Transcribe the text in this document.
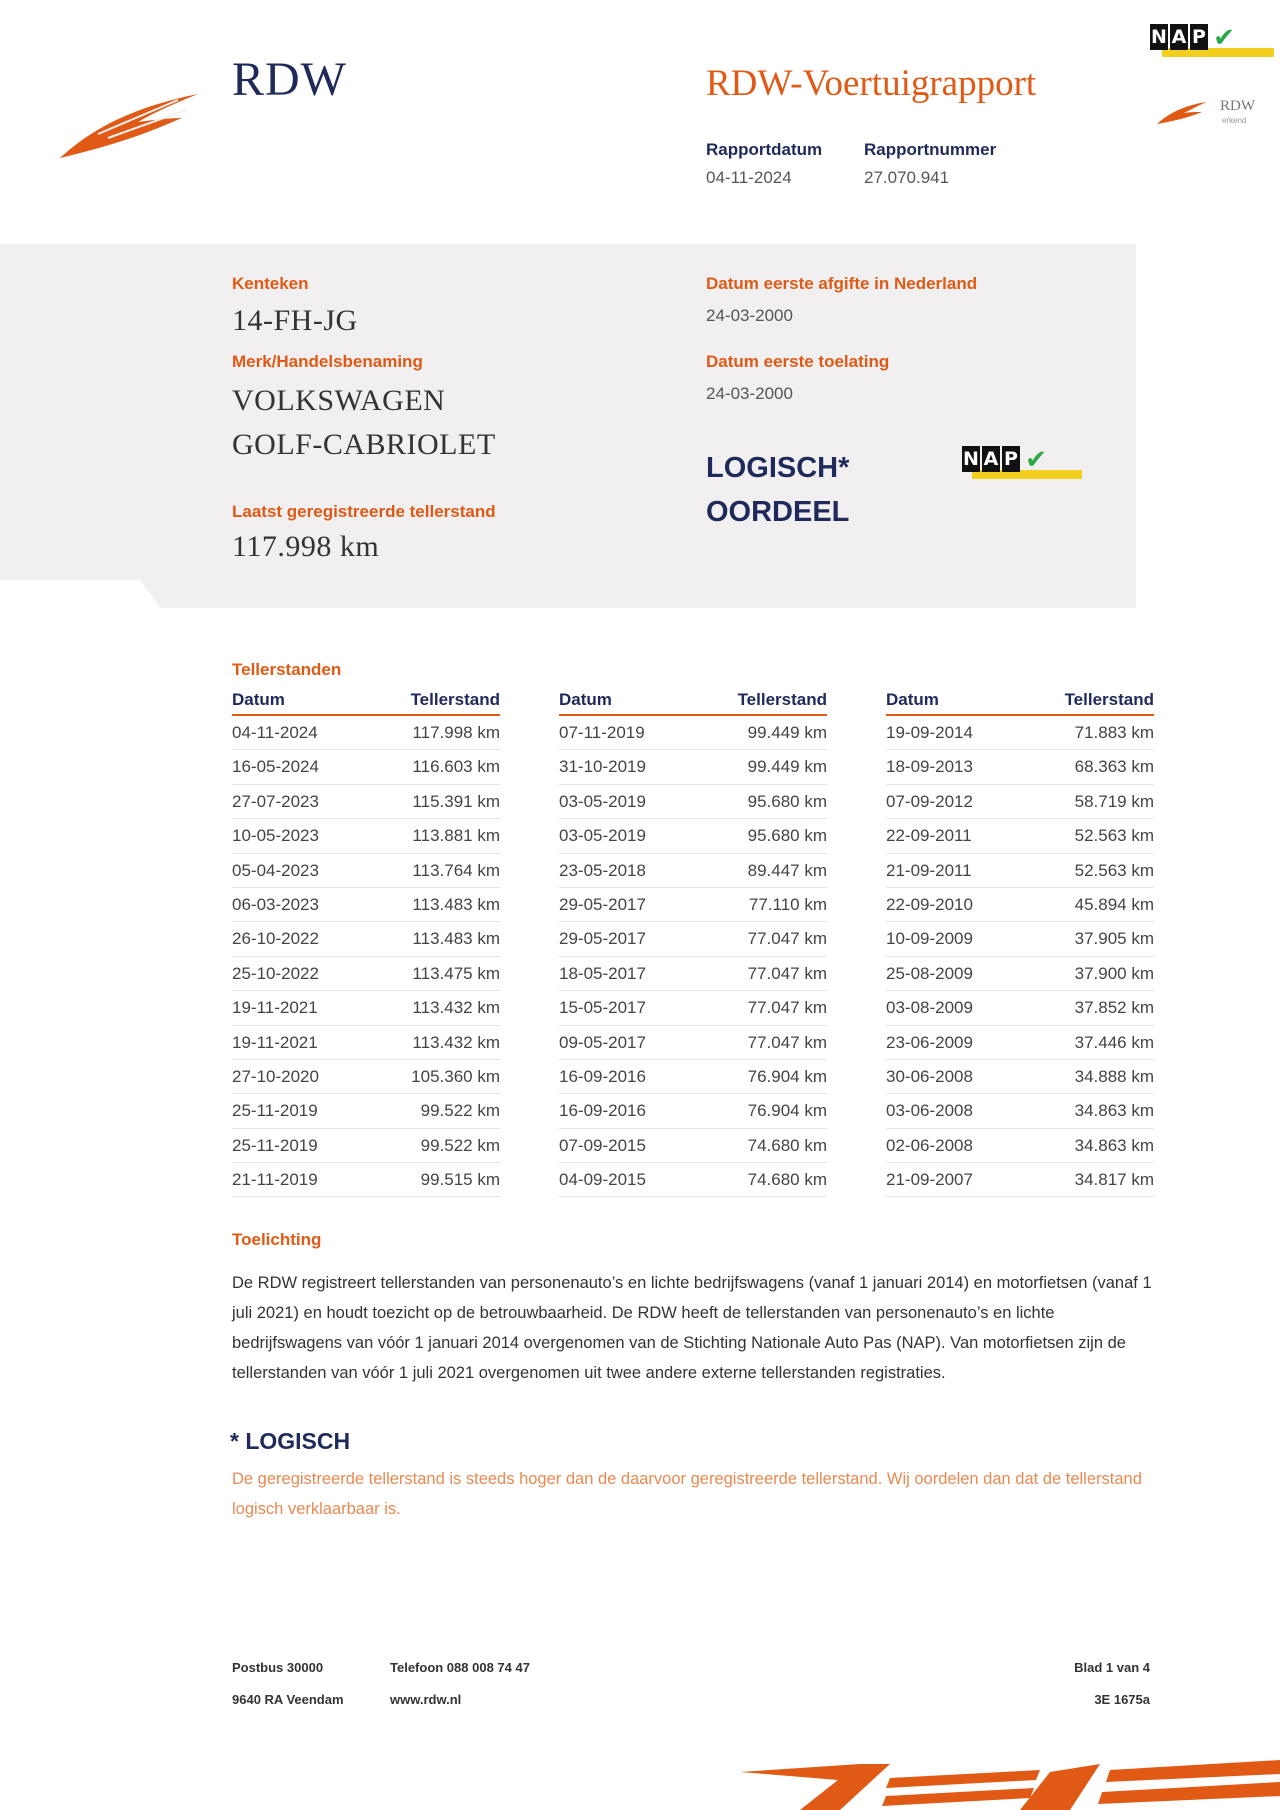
RDW	RDW-Voertuigrapport
Rapportdatum
04-11-2024
Rapportnummer
27.070.941
N A P ✔
RDW
erkend
Kenteken
14-FH-JG
Merk/Handelsbenaming
VOLKSWAGEN
GOLF-CABRIOLET
Laatst geregistreerde tellerstand
117.998 km
Datum eerste afgifte in Nederland
24-03-2000
Datum eerste toelating
24-03-2000
LOGISCH*
OORDEEL
N A P ✔
Tellerstanden
Datum	Tellerstand
04-11-2024	117.998 km
16-05-2024	116.603 km
27-07-2023	115.391 km
10-05-2023	113.881 km
05-04-2023	113.764 km
06-03-2023	113.483 km
26-10-2022	113.483 km
25-10-2022	113.475 km
19-11-2021	113.432 km
19-11-2021	113.432 km
27-10-2020	105.360 km
25-11-2019	99.522 km
25-11-2019	99.522 km
21-11-2019	99.515 km
Datum	Tellerstand
07-11-2019	99.449 km
31-10-2019	99.449 km
03-05-2019	95.680 km
03-05-2019	95.680 km
23-05-2018	89.447 km
29-05-2017	77.110 km
29-05-2017	77.047 km
18-05-2017	77.047 km
15-05-2017	77.047 km
09-05-2017	77.047 km
16-09-2016	76.904 km
16-09-2016	76.904 km
07-09-2015	74.680 km
04-09-2015	74.680 km
Datum	Tellerstand
19-09-2014	71.883 km
18-09-2013	68.363 km
07-09-2012	58.719 km
22-09-2011	52.563 km
21-09-2011	52.563 km
22-09-2010	45.894 km
10-09-2009	37.905 km
25-08-2009	37.900 km
03-08-2009	37.852 km
23-06-2009	37.446 km
30-06-2008	34.888 km
03-06-2008	34.863 km
02-06-2008	34.863 km
21-09-2007	34.817 km
Toelichting
De RDW registreert tellerstanden van personenauto’s en lichte bedrijfswagens (vanaf 1 januari 2014) en motorfietsen (vanaf 1 juli 2021) en houdt toezicht op de betrouwbaarheid. De RDW heeft de tellerstanden van personenauto’s en lichte bedrijfswagens van vóór 1 januari 2014 overgenomen van de Stichting Nationale Auto Pas (NAP). Van motorfietsen zijn de tellerstanden van vóór 1 juli 2021 overgenomen uit twee andere externe tellerstanden registraties.
* LOGISCH
De geregistreerde tellerstand is steeds hoger dan de daarvoor geregistreerde tellerstand. Wij oordelen dan dat de tellerstand logisch verklaarbaar is.
Postbus 30000
9640 RA Veendam
Telefoon 088 008 74 47
www.rdw.nl
Blad 1 van 4
3E 1675a
